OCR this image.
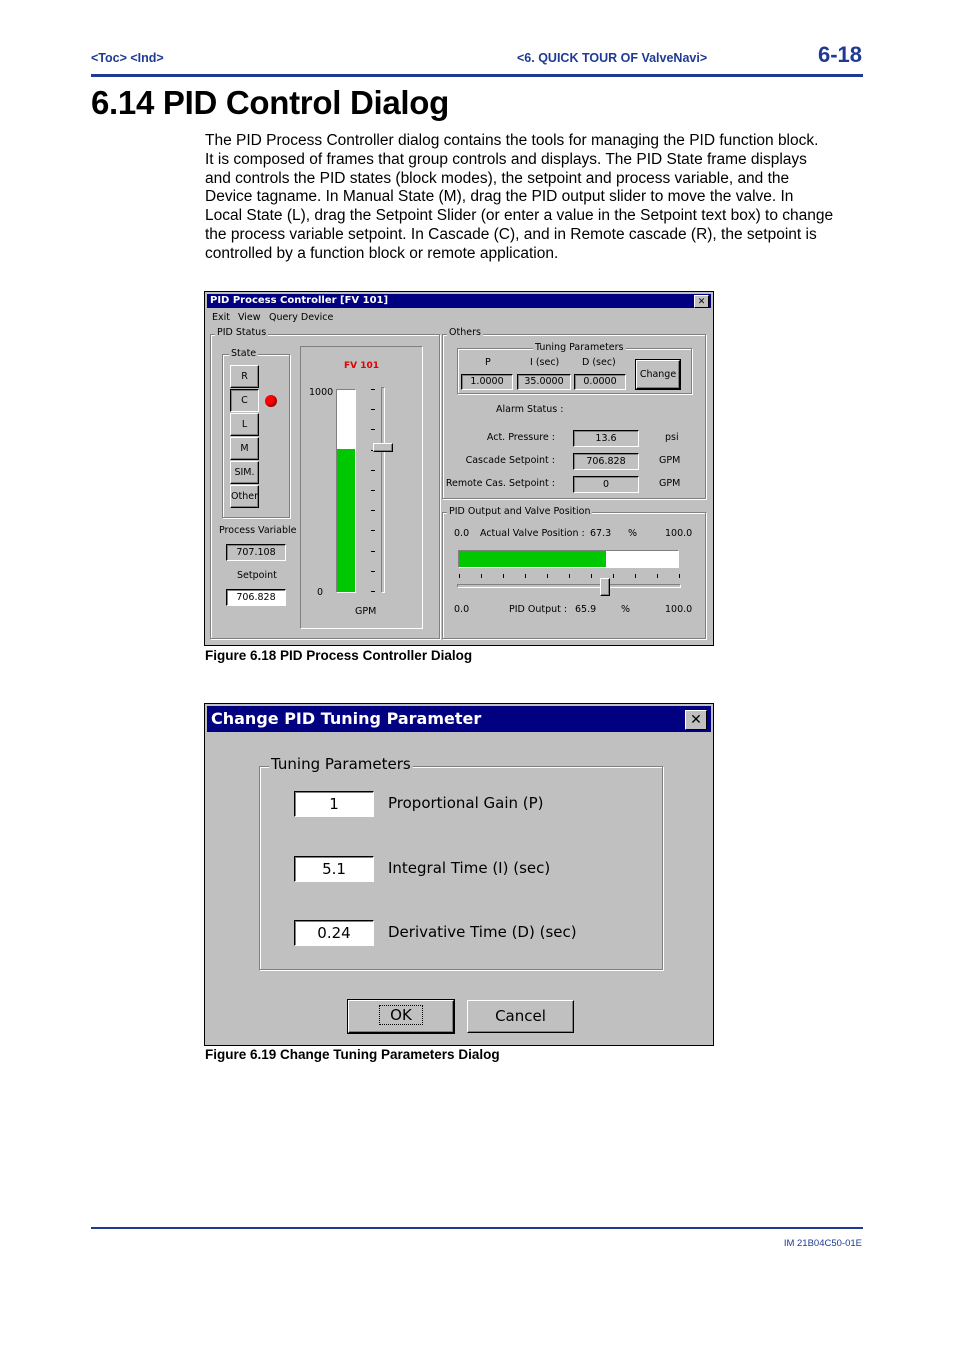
<Toc> <Ind>	<6. QUICK TOUR OF ValveNavi>	6-18
6.14 PID Control Dialog
The PID Process Controller dialog contains the tools for managing the PID function block.
It is composed of frames that group controls and displays. The PID State frame displays
and controls the PID states (block modes), the setpoint and process variable, and the
Device tagname. In Manual State (M), drag the PID output slider to move the valve. In
Local State (L), drag the Setpoint Slider (or enter a value in the Setpoint text box) to change
the process variable setpoint. In Cascade (C), and in Remote cascade (R), the setpoint is
controlled by a function block or remote application.
PID Process Controller [FV 101]	✕
Exit View Query Device
PID Status
State
R
C
L
M
SIM.
Other
Process Variable
707.108
Setpoint
706.828
FV 101
1000
0
GPM
Others
Tuning Parameters
P	I (sec) D (sec)
1.0000	35.0000	0.0000
Change
Alarm Status :
Act. Pressure :	13.6	psi
Cascade Setpoint :	706.828	GPM
Remote Cas. Setpoint :	0	GPM
PID Output and Valve Position
0.0 Actual Valve Position : 67.3 %	100.0
0.0	PID Output : 65.9	%	100.0
Figure 6.18 PID Process Controller Dialog
Change PID Tuning Parameter	✕
Tuning Parameters
1	Proportional Gain (P)
5.1	Integral Time (I) (sec)
0.24	Derivative Time (D) (sec)
OK	Cancel
Figure 6.19 Change Tuning Parameters Dialog
IM 21B04C50-01E
